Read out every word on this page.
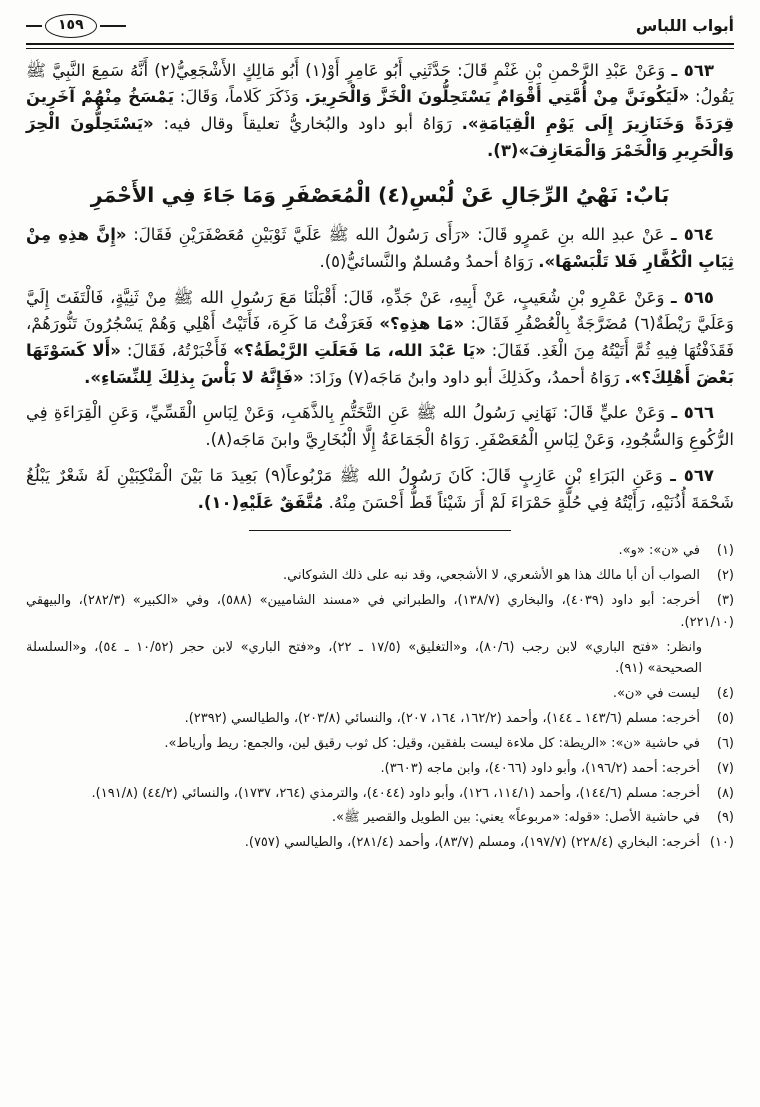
أبواب اللباس
١٥٩

٥٦٣ ـ وَعَنْ عَبْدِ الرَّحْمنِ بْنِ غَنْمٍ قَالَ: حَدَّثَنِي أَبُو عَامِرٍ أَوْ(١) أَبُو مَالِكٍ الأَشْجَعِيُّ(٢) أَنَّهُ سَمِعَ النَّبِيَّ ﷺ يَقُولُ: «لَيَكُونَنَّ مِنْ أُمَّتِي أَقْوَامٌ يَسْتَحِلُّونَ الْخَزَّ وَالْحَرِيرَ. وَذَكَرَ كَلاماً، وَقَالَ: يَمْسَخُ مِنْهُمْ آخَرِينَ قِرَدَةً وَخَنَازِيرَ إِلَى يَوْمِ الْقِيَامَةِ». رَوَاهُ أبو داود والبُخاريُّ تعليقاً وقال فيه: «يَسْتَحِلُّونَ الْحِرَ وَالْحَرِيرِ وَالْخَمْرَ وَالْمَعَازِفَ»(٣).

بَابٌ: نَهْيُ الرِّجَالِ عَنْ لُبْسِ(٤) الْمُعَصْفَرِ وَمَا جَاءَ فِي الأَحْمَرِ

٥٦٤ ـ عَنْ عبدِ الله بنِ عَمرٍو قَالَ: «رَأَى رَسُولُ الله ﷺ عَلَيَّ ثَوْبَيْنِ مُعَصْفَرَيْنِ فَقَالَ: «إِنَّ هذِهِ مِنْ ثِيَابِ الْكُفَّارِ فَلا تَلْبَسْهَا». رَوَاهُ أحمدُ ومُسلمٌ والنَّسائيُّ(٥).

٥٦٥ ـ وَعَنْ عَمْرِو بْنِ شُعَيبٍ، عَنْ أَبِيهِ، عَنْ جَدِّهِ، قَالَ: أَقْبَلْنَا مَعَ رَسُولِ الله ﷺ مِنْ ثَنِيَّةٍ، فَالْتَفَتَ إِلَيَّ وَعَلَيَّ رَيْطَةٌ(٦) مُضَرَّجَةٌ بِالْعُصْفُرِ فَقَالَ: «مَا هذِهِ؟» فَعَرَفْتُ مَا كَرِهَ، فَأَتَيْتُ أَهْلِي وَهُمْ يَسْجُرُونَ تَنُّورَهُمْ، فَقَذَفْتُهَا فِيهِ ثُمَّ أَتَيْتُهُ مِنَ الْغَدِ. فَقَالَ: «يَا عَبْدَ الله، مَا فَعَلَتِ الرَّيْطَةُ؟» فَأَخْبَرْتُهُ، فَقَالَ: «أَلا كَسَوْتَهَا بَعْضَ أَهْلِكَ؟». رَوَاهُ أحمدُ، وكَذلِكَ أبو داود وابنُ مَاجَه(٧) وزَادَ: «فَإِنَّهُ لا بَأْسَ بِذلِكَ لِلنِّسَاءِ».

٥٦٦ ـ وَعَنْ عليٍّ قَالَ: نَهَانِي رَسُولُ الله ﷺ عَنِ التَّخَتُّمِ بِالذَّهَبِ، وَعَنْ لِبَاسِ الْقَسِّيِّ، وَعَنِ الْقِرَاءَةِ فِي الرُّكُوعِ وَالسُّجُودِ، وَعَنْ لِبَاسِ الْمُعَصْفَرِ. رَوَاهُ الْجَمَاعَةُ إِلَّا الْبُخَارِيَّ وابنَ مَاجَه(٨).

٥٦٧ ـ وَعَنِ البَرَاءِ بْنِ عَازِبٍ قَالَ: كَانَ رَسُولُ الله ﷺ مَرْبُوعاً(٩) بَعِيدَ مَا بَيْنَ الْمَنْكِبَيْنِ لَهُ شَعْرٌ يَبْلُغُ شَحْمَةَ أُذُنَيْهِ، رَأَيْتُهُ فِي حُلَّةٍ حَمْرَاءَ لَمْ أَرَ شَيْئاً قَطُّ أَحْسَنَ مِنْهُ. مُتَّفَقٌ عَلَيْهِ(١٠).

(١)في «ن»: «و».

(٢)الصواب أن أبا مالك هذا هو الأشعري، لا الأشجعي، وقد نبه على ذلك الشوكاني.

(٣)أخرجه: أبو داود (٤٠٣٩)، والبخاري (١٣٨/٧)، والطبراني في «مسند الشاميين» (٥٨٨)، وفي «الكبير» (٢٨٢/٣)، والبيهقي (٢٢١/١٠).

وانظر: «فتح الباري» لابن رجب (٨٠/٦)، و«التغليق» (١٧/٥ ـ ٢٢)، و«فتح الباري» لابن حجر (١٠/٥٢ ـ ٥٤)، و«السلسلة الصحيحة» (٩١).

(٤)ليست في «ن».

(٥)أخرجه: مسلم (١٤٣/٦ ـ ١٤٤)، وأحمد (١٦٢/٢، ١٦٤، ٢٠٧)، والنسائي (٢٠٣/٨)، والطيالسي (٢٣٩٢).

(٦)في حاشية «ن»: «الريطة: كل ملاءة ليست بلفقين، وقيل: كل ثوب رقيق لين، والجمع: ريط وأرياط».

(٧)أخرجه: أحمد (١٩٦/٢)، وأبو داود (٤٠٦٦)، وابن ماجه (٣٦٠٣).

(٨)أخرجه: مسلم (١٤٤/٦)، وأحمد (١١٤/١، ١٢٦)، وأبو داود (٤٠٤٤)، والترمذي (٢٦٤، ١٧٣٧)، والنسائي (٤٤/٢) (١٩١/٨).

(٩)في حاشية الأصل: «قوله: «مربوعاً» يعني: بين الطويل والقصير ﷺ».

(١٠)أخرجه: البخاري (٢٢٨/٤) (١٩٧/٧)، ومسلم (٨٣/٧)، وأحمد (٢٨١/٤)، والطيالسي (٧٥٧).
